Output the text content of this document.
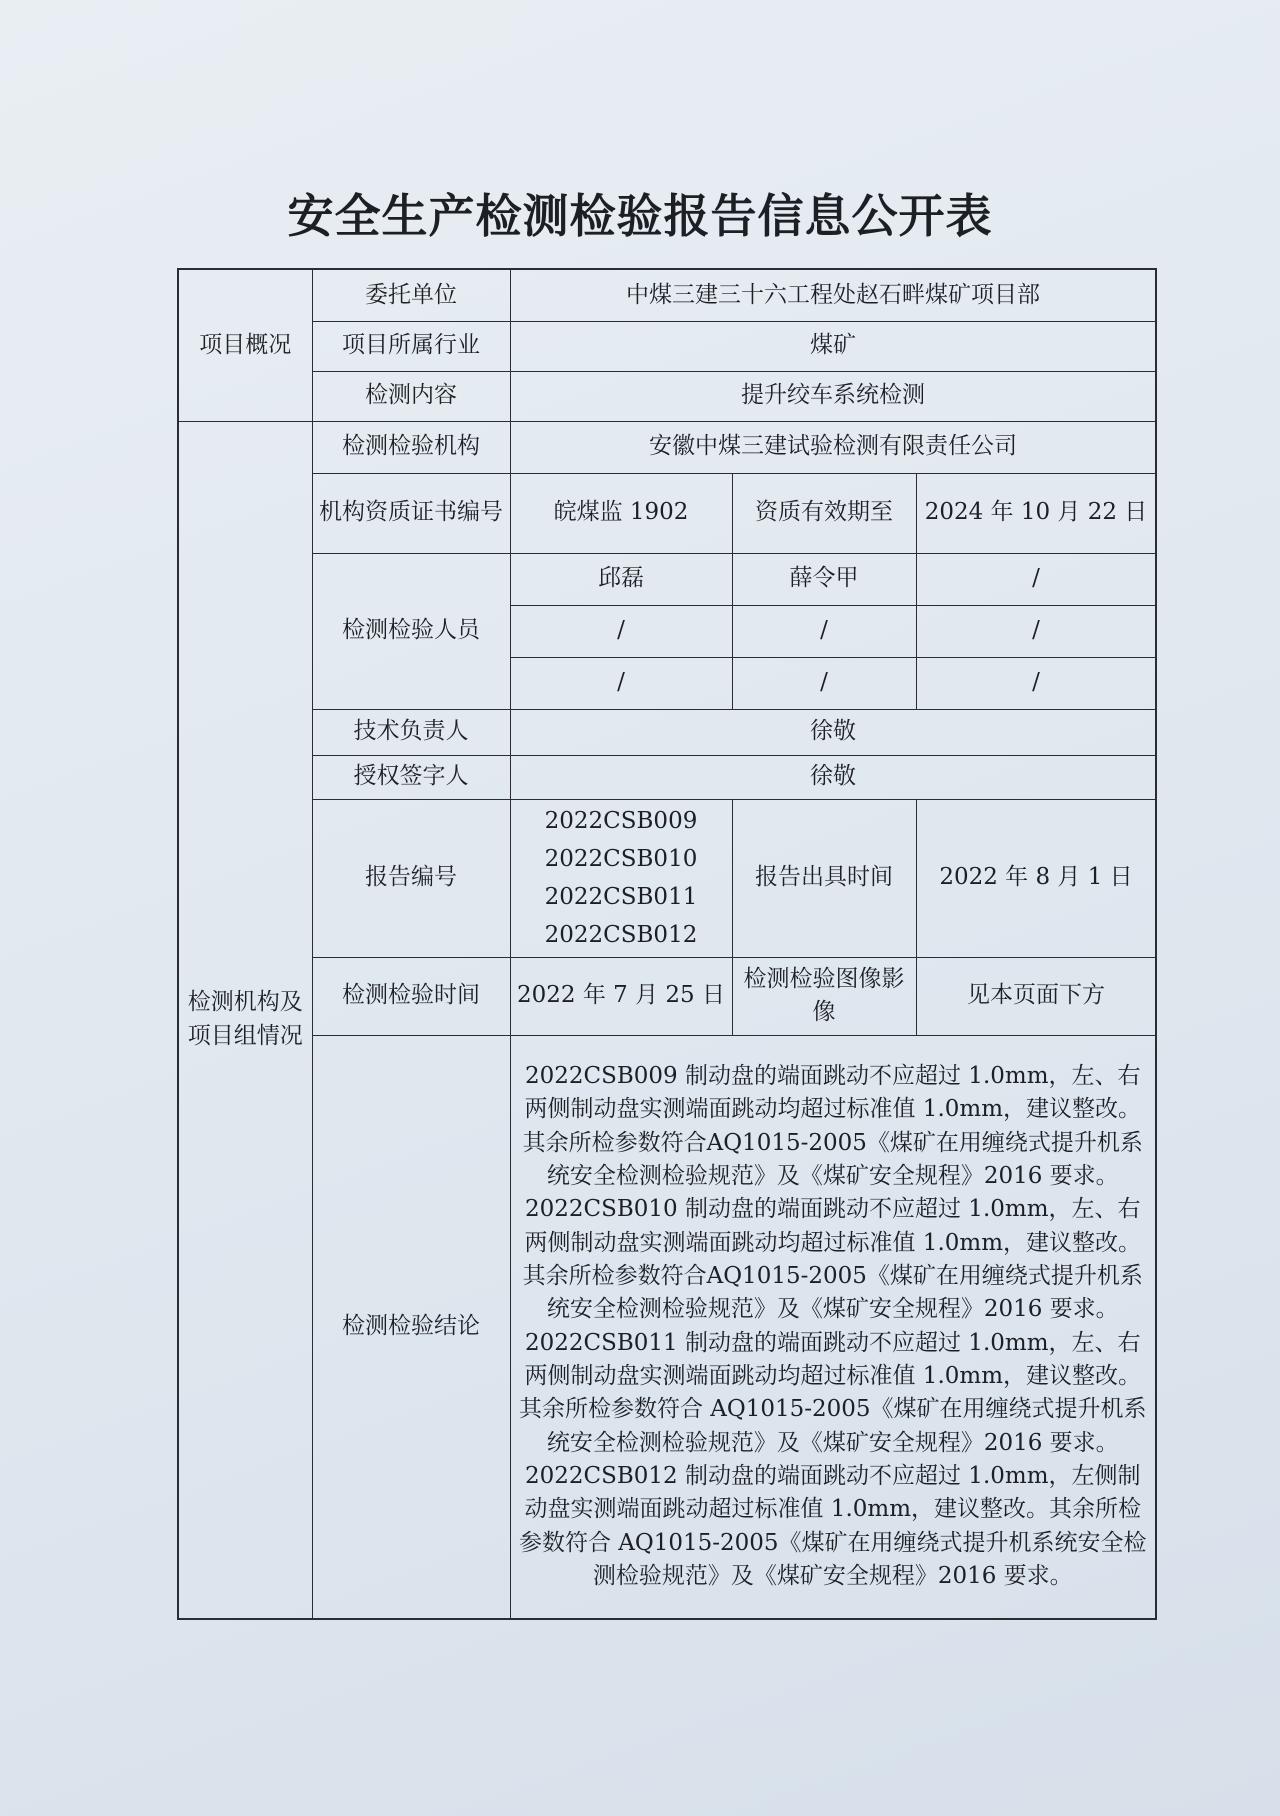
安全生产检测检验报告信息公开表
项目概况	委托单位	中煤三建三十六工程处赵石畔煤矿项目部		
	项目所属行业	煤矿		
	检测内容	提升绞车系统检测		
检测机构及项目组情况	检测检验机构	安徽中煤三建试验检测有限责任公司		
	机构资质证书编号	皖煤监 1902	资质有效期至	2024 年 10 月 22 日
	检测检验人员	邱磊	薛令甲	/
		/	/	/
		/	/	/
	技术负责人	徐敬		
	授权签字人	徐敬		
	报告编号	2022CSB009
2022CSB010
2022CSB011
2022CSB012	报告出具时间	2022 年 8 月 1 日
	检测检验时间	2022 年 7 月 25 日	检测检验图像影像	见本页面下方
	检测检验结论	2022CSB009 制动盘的端面跳动不应超过 1.0mm，左、右两侧制动盘实测端面跳动均超过标准值 1.0mm，建议整改。其余所检参数符合AQ1015-2005《煤矿在用缠绕式提升机系统安全检测检验规范》及《煤矿安全规程》2016 要求。
2022CSB010 制动盘的端面跳动不应超过 1.0mm，左、右两侧制动盘实测端面跳动均超过标准值 1.0mm，建议整改。其余所检参数符合AQ1015-2005《煤矿在用缠绕式提升机系统安全检测检验规范》及《煤矿安全规程》2016 要求。
2022CSB011 制动盘的端面跳动不应超过 1.0mm，左、右两侧制动盘实测端面跳动均超过标准值 1.0mm，建议整改。其余所检参数符合 AQ1015-2005《煤矿在用缠绕式提升机系统安全检测检验规范》及《煤矿安全规程》2016 要求。
2022CSB012 制动盘的端面跳动不应超过 1.0mm，左侧制动盘实测端面跳动超过标准值 1.0mm，建议整改。其余所检参数符合 AQ1015-2005《煤矿在用缠绕式提升机系统安全检测检验规范》及《煤矿安全规程》2016 要求。		
